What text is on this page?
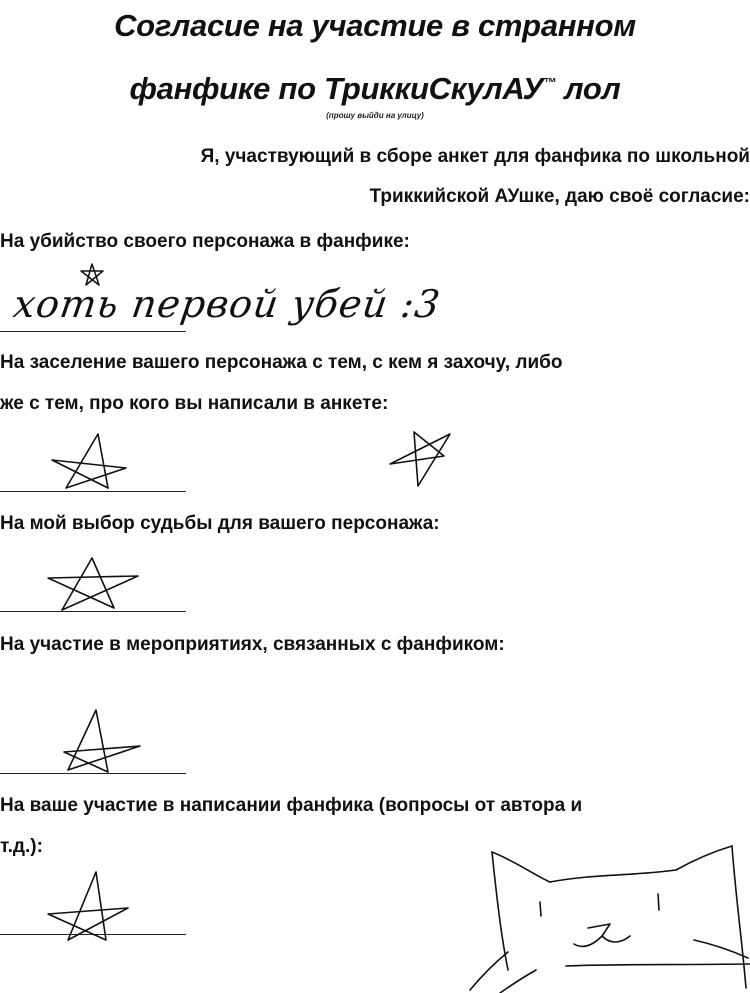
Согласие на участие в странном
фанфике по ТриккиСкулАУ™ лол
(прошу выйди на улицу)
Я, участвующий в сборе анкет для фанфика по школьной
Триккийской АУшке, даю своё согласие:
На убийство своего персонажа в фанфике:
хоть первой убей :3
На заселение вашего персонажа с тем, с кем я захочу, либо
же с тем, про кого вы написали в анкете:
На мой выбор судьбы для вашего персонажа:
На участие в мероприятиях, связанных с фанфиком:
На ваше участие в написании фанфика (вопросы от автора и
т.д.):
